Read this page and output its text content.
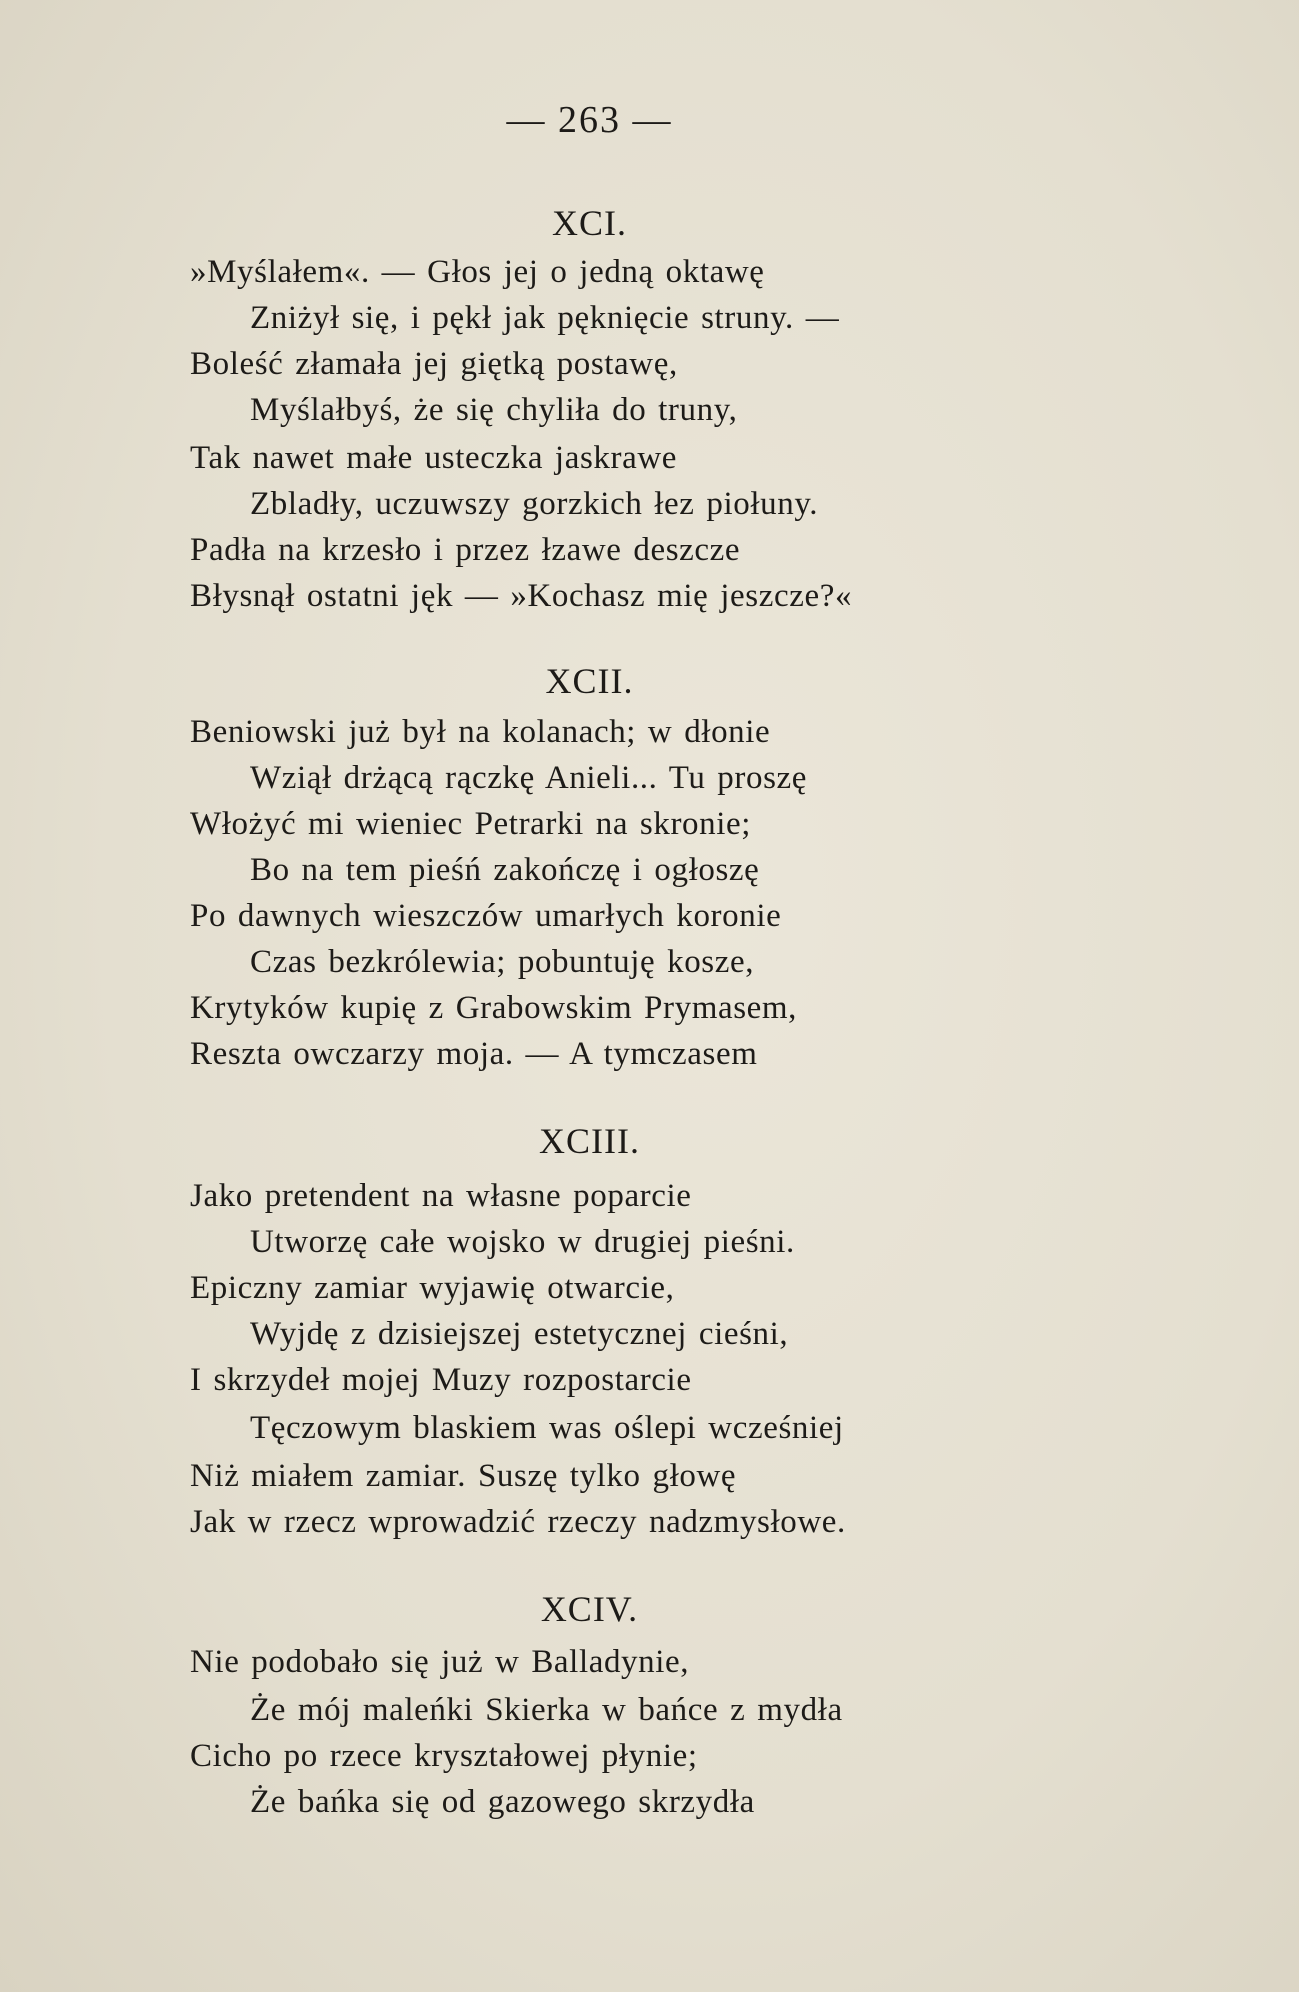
— 263 —
XCI.
»Myślałem«. — Głos jej o jedną oktawę
Zniżył się, i pękł jak pęknięcie struny. —
Boleść złamała jej giętką postawę,
Myślałbyś, że się chyliła do truny,
Tak nawet małe usteczka jaskrawe
Zbladły, uczuwszy gorzkich łez piołuny.
Padła na krzesło i przez łzawe deszcze
Błysnął ostatni jęk — »Kochasz mię jeszcze?«
XCII.
Beniowski już był na kolanach; w dłonie
Wziął drżącą rączkę Anieli... Tu proszę
Włożyć mi wieniec Petrarki na skronie;
Bo na tem pieśń zakończę i ogłoszę
Po dawnych wieszczów umarłych koronie
Czas bezkrólewia; pobuntuję kosze,
Krytyków kupię z Grabowskim Prymasem,
Reszta owczarzy moja. — A tymczasem
XCIII.
Jako pretendent na własne poparcie
Utworzę całe wojsko w drugiej pieśni.
Epiczny zamiar wyjawię otwarcie,
Wyjdę z dzisiejszej estetycznej cieśni,
I skrzydeł mojej Muzy rozpostarcie
Tęczowym blaskiem was oślepi wcześniej
Niż miałem zamiar. Suszę tylko głowę
Jak w rzecz wprowadzić rzeczy nadzmysłowe.
XCIV.
Nie podobało się już w Balladynie,
Że mój maleńki Skierka w bańce z mydła
Cicho po rzece kryształowej płynie;
Że bańka się od gazowego skrzydła
